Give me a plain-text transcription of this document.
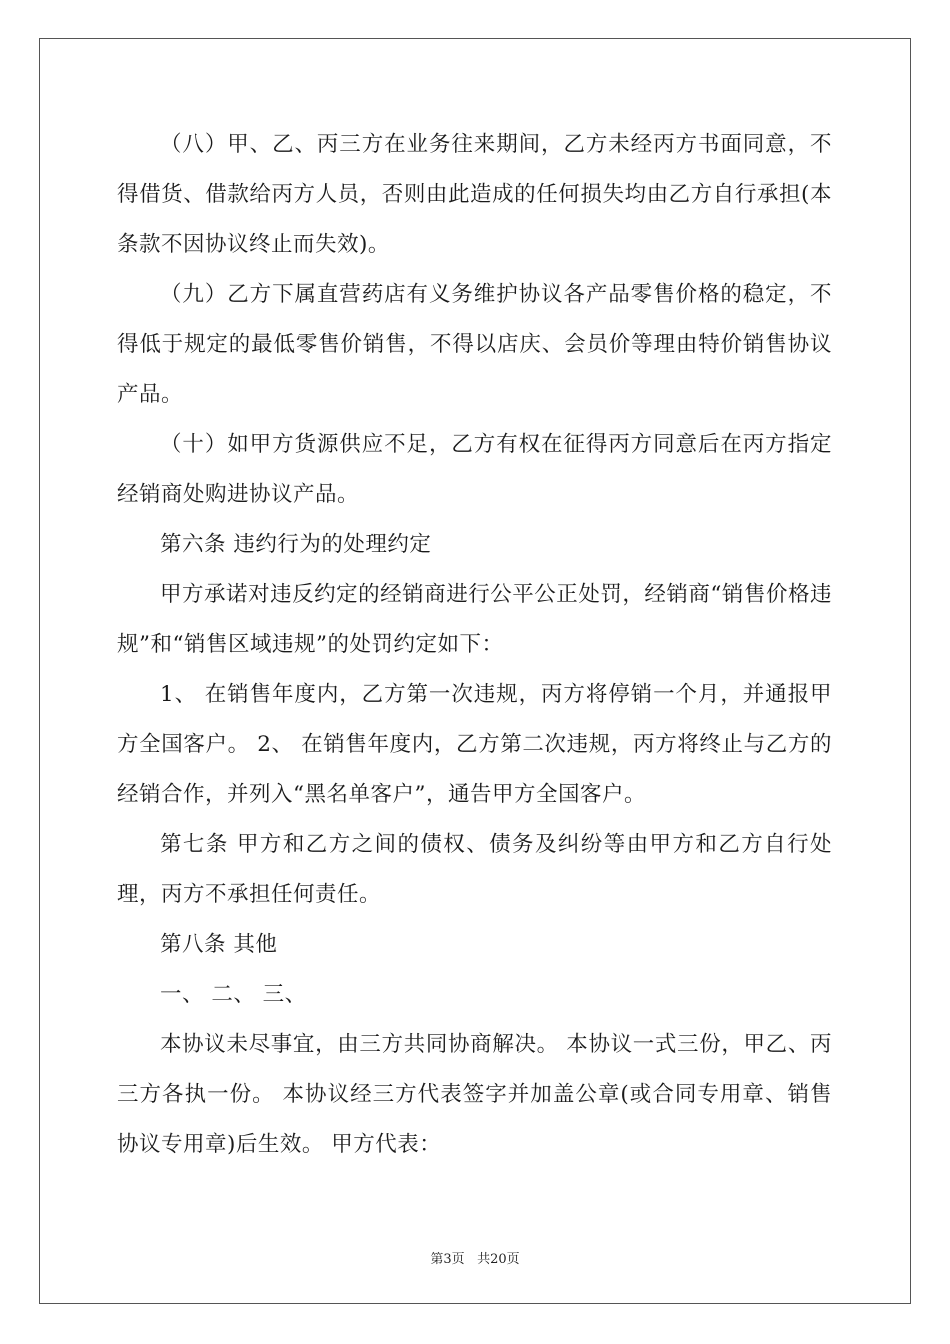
（八）甲、乙、丙三方在业务往来期间，乙方未经丙方书面同意，不得借货、借款给丙方人员，否则由此造成的任何损失均由乙方自行承担(本条款不因协议终止而失效)。

（九）乙方下属直营药店有义务维护协议各产品零售价格的稳定，不得低于规定的最低零售价销售，不得以店庆、会员价等理由特价销售协议产品。

（十）如甲方货源供应不足，乙方有权在征得丙方同意后在丙方指定经销商处购进协议产品。

第六条 违约行为的处理约定

甲方承诺对违反约定的经销商进行公平公正处罚，经销商“销售价格违规”和“销售区域违规”的处罚约定如下：

1、 在销售年度内，乙方第一次违规，丙方将停销一个月，并通报甲方全国客户。 2、 在销售年度内，乙方第二次违规，丙方将终止与乙方的经销合作，并列入“黑名单客户”，通告甲方全国客户。

第七条 甲方和乙方之间的债权、债务及纠纷等由甲方和乙方自行处理，丙方不承担任何责任。

第八条 其他

一、 二、 三、

本协议未尽事宜，由三方共同协商解决。 本协议一式三份，甲乙、丙三方各执一份。 本协议经三方代表签字并加盖公章(或合同专用章、销售协议专用章)后生效。 甲方代表：

第3页 共20页
